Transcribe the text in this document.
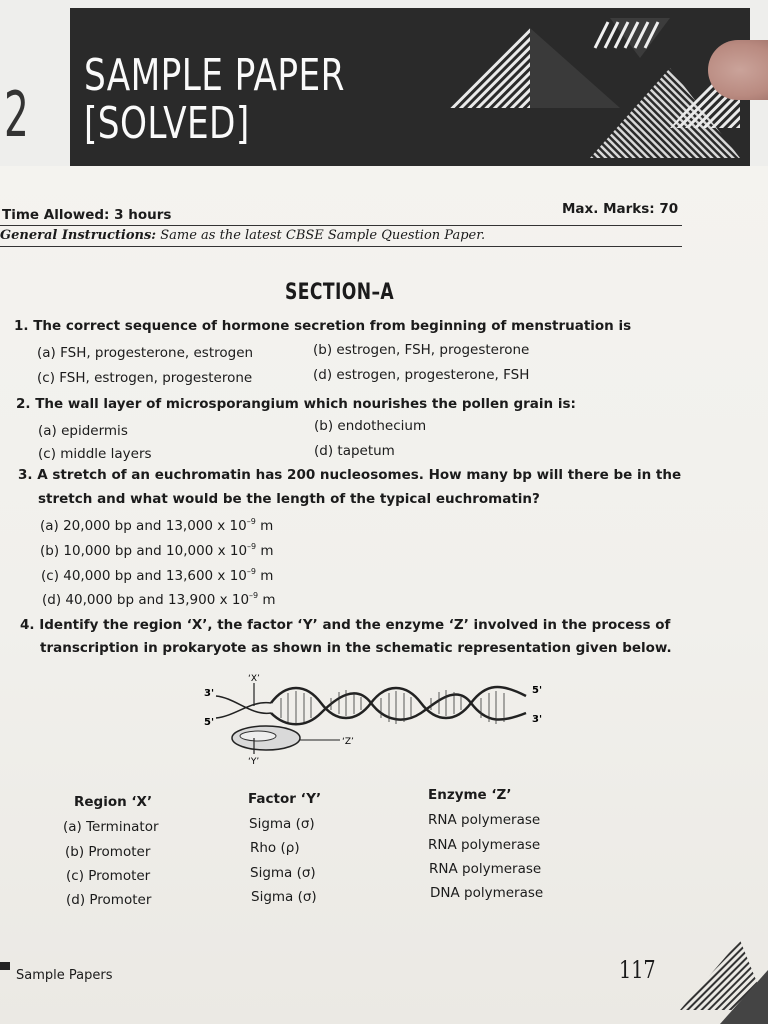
2
SAMPLE PAPER
[SOLVED]
Time Allowed: 3 hours	Max. Marks: 70
General Instructions: Same as the latest CBSE Sample Question Paper.
SECTION–A
1. The correct sequence of hormone secretion from beginning of menstruation is
(a) FSH, progesterone, estrogen	(b) estrogen, FSH, progesterone
(c) FSH, estrogen, progesterone	(d) estrogen, progesterone, FSH
2. The wall layer of microsporangium which nourishes the pollen grain is:
(a) epidermis	(b) endothecium
(c) middle layers	(d) tapetum
3. A stretch of an euchromatin has 200 nucleosomes. How many bp will there be in the
stretch and what would be the length of the typical euchromatin?
(a) 20,000 bp and 13,000 x $10^{-9}$ m
(b) 10,000 bp and 10,000 x $10^{-9}$ m
(c) 40,000 bp and 13,600 x $10^{-9}$ m
(d) 40,000 bp and 13,900 x $10^{-9}$ m
4. Identify the region ‘X’, the factor ‘Y’ and the enzyme ‘Z’ involved in the process of
transcription in prokaryote as shown in the schematic representation given below.
3'
5'
‘X’
5'
3'
‘Z’
‘Y’
Region ‘X’	Factor ‘Y’	Enzyme ‘Z’
(a) Terminator	Sigma (σ)	RNA polymerase
(b) Promoter	Rho (ρ)	RNA polymerase
(c) Promoter	Sigma (σ)	RNA polymerase
(d) Promoter	Sigma (σ)	DNA polymerase
Sample Papers	117
